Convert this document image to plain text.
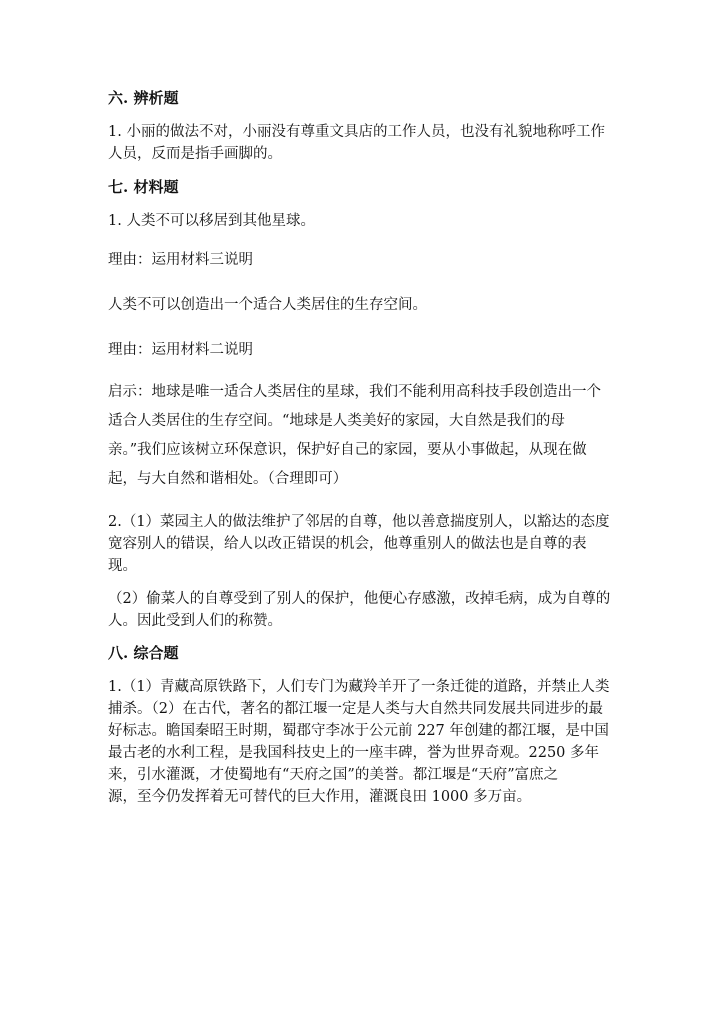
六. 辨析题
1. 小丽的做法不对，小丽没有尊重文具店的工作人员，也没有礼貌地称呼工作
人员，反而是指手画脚的。
七. 材料题
1. 人类不可以移居到其他星球。
理由：运用材料三说明
人类不可以创造出一个适合人类居住的生存空间。
理由：运用材料二说明
启示：地球是唯一适合人类居住的星球，我们不能利用高科技手段创造出一个
适合人类居住的生存空间。“地球是人类美好的家园，大自然是我们的母
亲。”我们应该树立环保意识，保护好自己的家园，要从小事做起，从现在做
起，与大自然和谐相处。（合理即可）
2.（1）菜园主人的做法维护了邻居的自尊，他以善意揣度别人，以豁达的态度
宽容别人的错误，给人以改正错误的机会，他尊重别人的做法也是自尊的表
现。
（2）偷菜人的自尊受到了别人的保护，他便心存感激，改掉毛病，成为自尊的
人。因此受到人们的称赞。
八. 综合题
1.（1）青藏高原铁路下，人们专门为藏羚羊开了一条迁徙的道路，并禁止人类
捕杀。（2）在古代，著名的都江堰一定是人类与大自然共同发展共同进步的最
好标志。瞻国秦昭王时期，蜀郡守李冰于公元前 227 年创建的都江堰，是中国
最古老的水利工程，是我国科技史上的一座丰碑，誉为世界奇观。2250 多年
来，引水灌溉，才使蜀地有“天府之国”的美誉。都江堰是“天府”富庶之
源，至今仍发挥着无可替代的巨大作用，灌溉良田 1000 多万亩。
